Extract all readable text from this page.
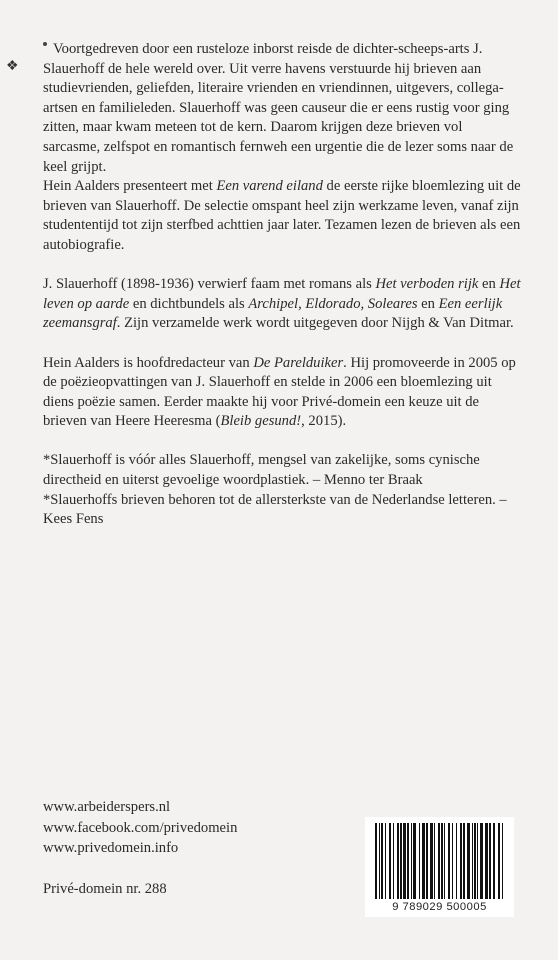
❖

Voortgedreven door een rusteloze inborst reisde de dichter-scheeps-arts J. Slauerhoff de hele wereld over. Uit verre havens verstuurde hij brieven aan studievrienden, geliefden, literaire vrienden en vriendinnen, uitgevers, collega-artsen en familieleden. Slauerhoff was geen causeur die er eens rustig voor ging zitten, maar kwam meteen tot de kern. Daarom krijgen deze brieven vol sarcasme, zelfspot en romantisch fernweh een urgentie die de lezer soms naar de keel grijpt.

Hein Aalders presenteert met Een varend eiland de eerste rijke bloemlezing uit de brieven van Slauerhoff. De selectie omspant heel zijn werkzame leven, vanaf zijn studententijd tot zijn sterfbed achttien jaar later. Tezamen lezen de brieven als een autobiografie.

J. Slauerhoff (1898-1936) verwierf faam met romans als Het verboden rijk en Het leven op aarde en dichtbundels als Archipel, Eldorado, Soleares en Een eerlijk zeemansgraf. Zijn verzamelde werk wordt uitgegeven door Nijgh & Van Ditmar.

Hein Aalders is hoofdredacteur van De Parelduiker. Hij promoveerde in 2005 op de poëzieopvattingen van J. Slauerhoff en stelde in 2006 een bloemlezing uit diens poëzie samen. Eerder maakte hij voor Privé-domein een keuze uit de brieven van Heere Heeresma (Bleib gesund!, 2015).

*Slauerhoff is vóór alles Slauerhoff, mengsel van zakelijke, soms cynische directheid en uiterst gevoelige woordplastiek. – Menno ter Braak

*Slauerhoffs brieven behoren tot de allersterkste van de Nederlandse letteren. – Kees Fens

www.arbeiderspers.nl
www.facebook.com/privedomein
www.privedomein.info
Privé-domein nr. 288
9 789029 500005
